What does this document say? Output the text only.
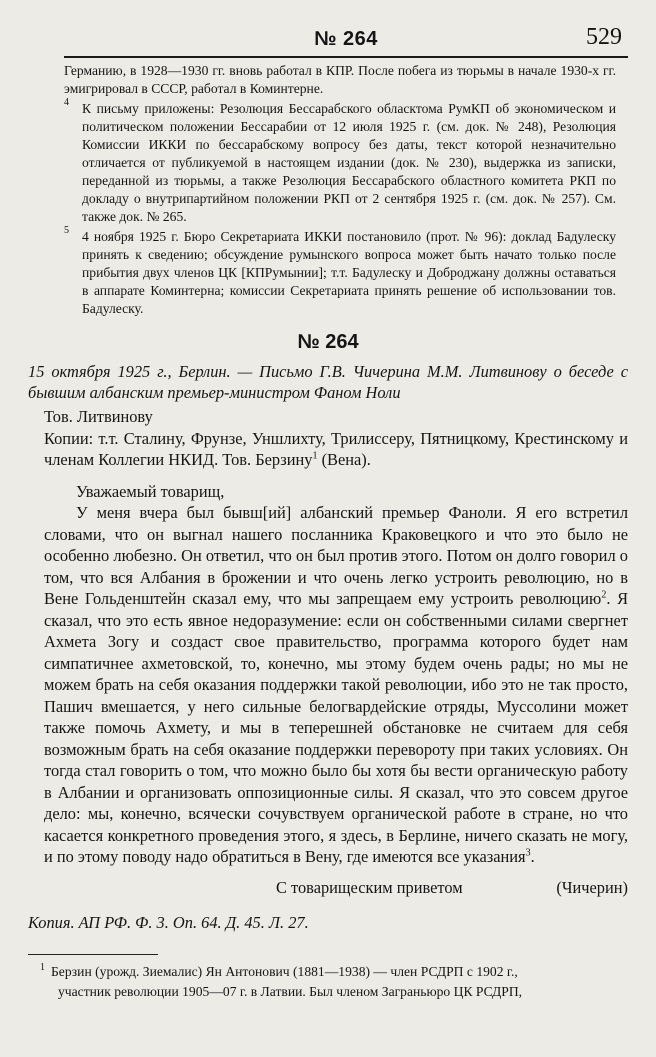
№ 264	529

Германию, в 1928—1930 гг. вновь работал в КПР. После побега из тюрьмы в начале 1930-х гг. эмигрировал в СССР, работал в Коминтерне.

4 К письму приложены: Резолюция Бессарабского обласктома РумКП об экономическом и политическом положении Бессарабии от 12 июля 1925 г. (см. док. № 248), Резолюция Комиссии ИККИ по бессарабскому вопросу без даты, текст которой незначительно отличается от публикуемой в настоящем издании (док. № 230), выдержка из записки, переданной из тюрьмы, а также Резолюция Бессарабского областного комитета РКП по докладу о внутрипартийном положении РКП от 2 сентября 1925 г. (см. док. № 257). См. также док. № 265.

5 4 ноября 1925 г. Бюро Секретариата ИККИ постановило (прот. № 96): доклад Бадулеску принять к сведению; обсуждение румынского вопроса может быть начато только после прибытия двух членов ЦК [КПРумынии]; т.т. Бадулеску и Доброджану должны оставаться в аппарате Коминтерна; комиссии Секретариата принять решение об использовании тов. Бадулеску.

№ 264
15 октября 1925 г., Берлин. — Письмо Г.В. Чичерина М.М. Литвинову о беседе с бывшим албанским премьер-министром Фаном Ноли

Тов. Литвинову

Копии: т.т. Сталину, Фрунзе, Уншлихту, Трилиссеру, Пятницкому, Крестинскому и членам Коллегии НКИД. Тов. Берзину$^1$ (Вена).

Уважаемый товарищ,

У меня вчера был бывш[ий] албанский премьер Фаноли. Я его встретил словами, что он выгнал нашего посланника Краковецкого и что это было не особенно любезно. Он ответил, что он был против этого. Потом он долго говорил о том, что вся Албания в брожении и что очень легко устроить революцию, но в Вене Гольденштейн сказал ему, что мы запрещаем ему устроить революцию$^2$. Я сказал, что это есть явное недоразумение: если он собственными силами свергнет Ахмета Зогу и создаст свое правительство, программа которого будет нам симпатичнее ахметовской, то, конечно, мы этому будем очень рады; но мы не можем брать на себя оказания поддержки такой революции, ибо это не так просто, Пашич вмешается, у него сильные белогвардейские отряды, Муссолини может также помочь Ахмету, и мы в теперешней обстановке не считаем для себя возможным брать на себя оказание поддержки перевороту при таких условиях. Он тогда стал говорить о том, что можно было бы хотя бы вести органическую работу в Албании и организовать оппозиционные силы. Я сказал, что это совсем другое дело: мы, конечно, всячески сочувствуем органической работе в стране, но что касается конкретного проведения этого, я здесь, в Берлине, ничего сказать не могу, и по этому поводу надо обратиться в Вену, где имеются все указания$^3$.

С товарищеским приветом	(Чичерин)
Копия. АП РФ. Ф. 3. Оп. 64. Д. 45. Л. 27.
$^1$ Берзин (урожд. Зиемалис) Ян Антонович (1881—1938) — член РСДРП с 1902 г.,
участник революции 1905—07 г. в Латвии. Был членом Заграньюро ЦК РСДРП,
